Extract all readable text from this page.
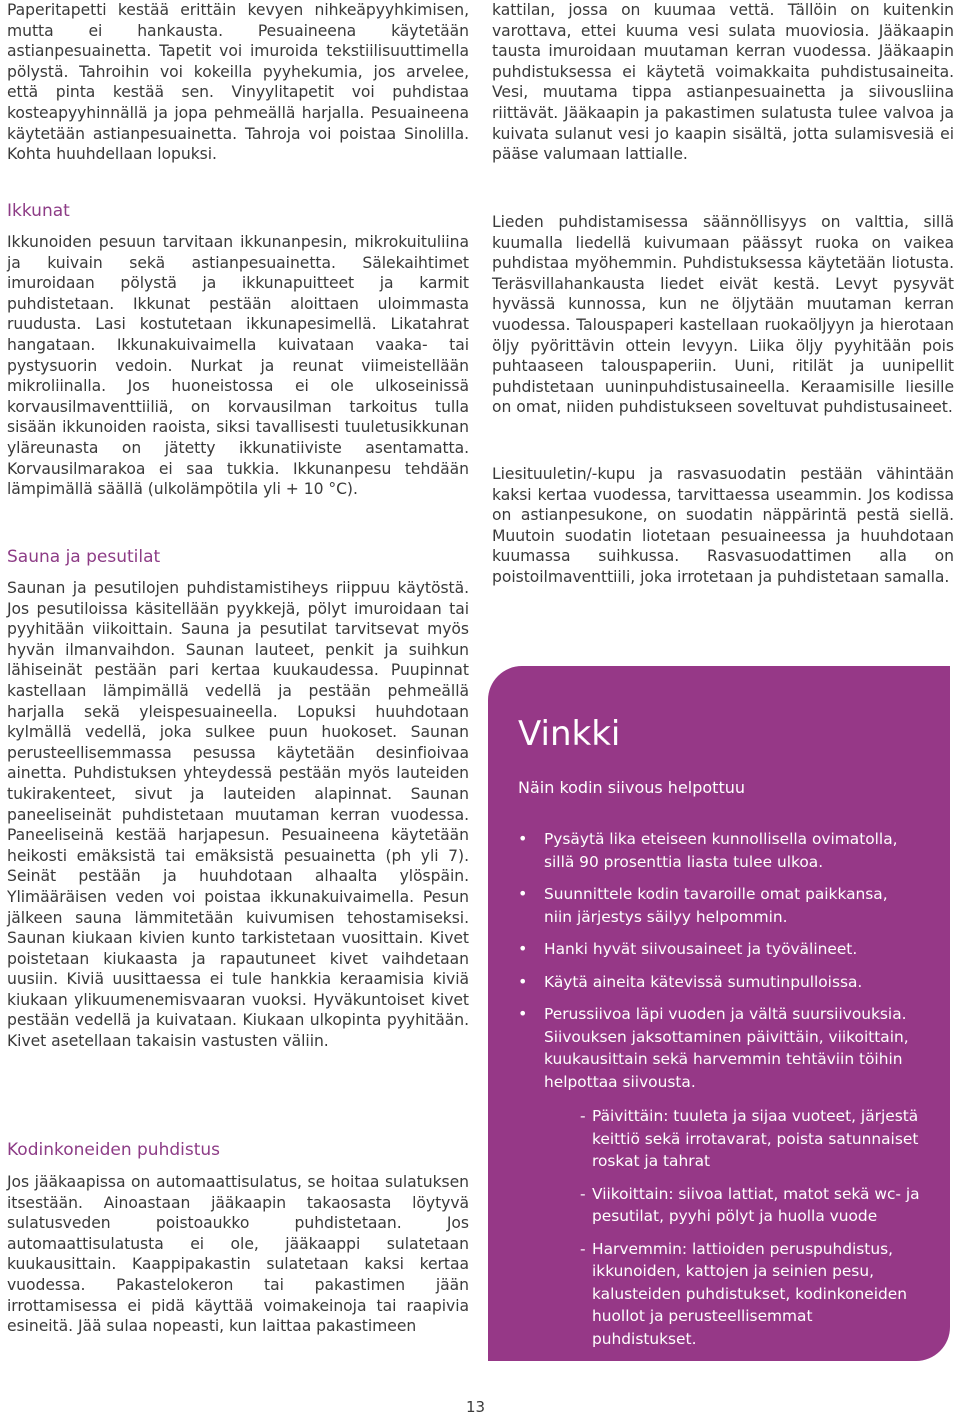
Paperitapetti kestää erittäin kevyen nihkeäpyyhkimisen, mutta ei hankausta. Pesuaineena käytetään astianpesuainetta. Tapetit voi imuroida tekstiilisuuttimella pölystä. Tahroihin voi kokeilla pyyhekumia, jos arvelee, että pinta kestää sen. Vinyylitapetit voi puhdistaa kosteapyyhinnällä ja jopa pehmeällä harjalla. Pesuaineena käytetään astianpesuainetta. Tahroja voi poistaa Sinolilla. Kohta huuhdellaan lopuksi.

Ikkunat

Ikkunoiden pesuun tarvitaan ikkunanpesin, mikrokuituliina ja kuivain sekä astianpesuainetta. Sälekaihtimet imuroidaan pölystä ja ikkunapuitteet ja karmit puhdistetaan. Ikkunat pestään aloittaen uloimmasta ruudusta. Lasi kostutetaan ikkunapesimellä. Likatahrat hangataan. Ikkunakuivaimella kuivataan vaaka- tai pystysuorin vedoin. Nurkat ja reunat viimeistellään mikroliinalla. Jos huoneistossa ei ole ulkoseinissä korvausilmaventtiiliä, on korvausilman tarkoitus tulla sisään ikkunoiden raoista, siksi tavallisesti tuuletusikkunan yläreunasta on jätetty ikkunatiiviste asentamatta. Korvausilmarakoa ei saa tukkia. Ikkunanpesu tehdään lämpimällä säällä (ulkolämpötila yli + 10 °C).

Sauna ja pesutilat

Saunan ja pesutilojen puhdistamistiheys riippuu käytöstä. Jos pesutiloissa käsitellään pyykkejä, pölyt imuroidaan tai pyyhitään viikoittain. Sauna ja pesutilat tarvitsevat myös hyvän ilmanvaihdon. Saunan lauteet, penkit ja suihkun lähiseinät pestään pari kertaa kuukaudessa. Puupinnat kastellaan lämpimällä vedellä ja pestään pehmeällä harjalla sekä yleispesuaineella. Lopuksi huuhdotaan kylmällä vedellä, joka sulkee puun huokoset. Saunan perusteellisemmassa pesussa käytetään desinfioivaa ainetta. Puhdistuksen yhteydessä pestään myös lauteiden tukirakenteet, sivut ja lauteiden alapinnat. Saunan paneeliseinät puhdistetaan muutaman kerran vuodessa. Paneeliseinä kestää harjapesun. Pesuaineena käytetään heikosti emäksistä tai emäksistä pesuainetta (ph yli 7). Seinät pestään ja huuhdotaan alhaalta ylöspäin. Ylimääräisen veden voi poistaa ikkunakuivaimella. Pesun jälkeen sauna lämmitetään kuivumisen tehostamiseksi. Saunan kiukaan kivien kunto tarkistetaan vuosittain. Kivet poistetaan kiukaasta ja rapautuneet kivet vaihdetaan uusiin. Kiviä uusittaessa ei tule hankkia keraamisia kiviä kiukaan ylikuumenemisvaaran vuoksi. Hyväkuntoiset kivet pestään vedellä ja kuivataan. Kiukaan ulkopinta pyyhitään. Kivet asetellaan takaisin vastusten väliin.

Kodinkoneiden puhdistus

Jos jääkaapissa on automaattisulatus, se hoitaa sulatuksen itsestään. Ainoastaan jääkaapin takaosasta löytyvä sulatusveden poistoaukko puhdistetaan. Jos automaattisulatusta ei ole, jääkaappi sulatetaan kuukausittain. Kaappipakastin sulatetaan kaksi kertaa vuodessa. Pakastelokeron tai pakastimen jään irrottamisessa ei pidä käyttää voimakeinoja tai raapivia esineitä. Jää sulaa nopeasti, kun laittaa pakastimeen

kattilan, jossa on kuumaa vettä. Tällöin on kuitenkin varottava, ettei kuuma vesi sulata muoviosia. Jääkaapin tausta imuroidaan muutaman kerran vuodessa. Jääkaapin puhdistuksessa ei käytetä voimakkaita puhdistusaineita. Vesi, muutama tippa astianpesuainetta ja siivousliina riittävät. Jääkaapin ja pakastimen sulatusta tulee valvoa ja kuivata sulanut vesi jo kaapin sisältä, jotta sulamisvesiä ei pääse valumaan lattialle.

Lieden puhdistamisessa säännöllisyys on valttia, sillä kuumalla liedellä kuivumaan päässyt ruoka on vaikea puhdistaa myöhemmin. Puhdistuksessa käytetään liotusta. Teräsvillahankausta liedet eivät kestä. Levyt pysyvät hyvässä kunnossa, kun ne öljytään muutaman kerran vuodessa. Talouspaperi kastellaan ruokaöljyyn ja hierotaan öljy pyörittävin ottein levyyn. Liika öljy pyyhitään pois puhtaaseen talouspaperiin. Uuni, ritilät ja uunipellit puhdistetaan uuninpuhdistusaineella. Keraamisille liesille on omat, niiden puhdistukseen soveltuvat puhdistusaineet.

Liesituuletin/-kupu ja rasvasuodatin pestään vähintään kaksi kertaa vuodessa, tarvittaessa useammin. Jos kodissa on astianpesukone, on suodatin näppärintä pestä siellä. Muutoin suodatin liotetaan pesuaineessa ja huuhdotaan kuumassa suihkussa. Rasvasuodattimen alla on poistoilmaventtiili, joka irrotetaan ja puhdistetaan samalla.

Vinkki

Näin kodin siivous helpottuu

• Pysäytä lika eteiseen kunnollisella ovimatolla, sillä 90 prosenttia liasta tulee ulkoa.
• Suunnittele kodin tavaroille omat paikkansa, niin järjestys säilyy helpommin.
• Hanki hyvät siivousaineet ja työvälineet.
• Käytä aineita kätevissä sumutinpulloissa.
• Perussiivoa läpi vuoden ja vältä suursiivouksia. Siivouksen jaksottaminen päivittäin, viikoittain, kuukausittain sekä harvemmin tehtäviin töihin helpottaa siivousta.
- Päivittäin: tuuleta ja sijaa vuoteet, järjestä keittiö sekä irrotavarat, poista satunnaiset roskat ja tahrat
- Viikoittain: siivoa lattiat, matot sekä wc- ja pesutilat, pyyhi pölyt ja huolla vuode
- Harvemmin: lattioiden peruspuhdistus, ikkunoiden, kattojen ja seinien pesu, kalusteiden puhdistukset, kodinkoneiden huollot ja perusteellisemmat puhdistukset.
13
